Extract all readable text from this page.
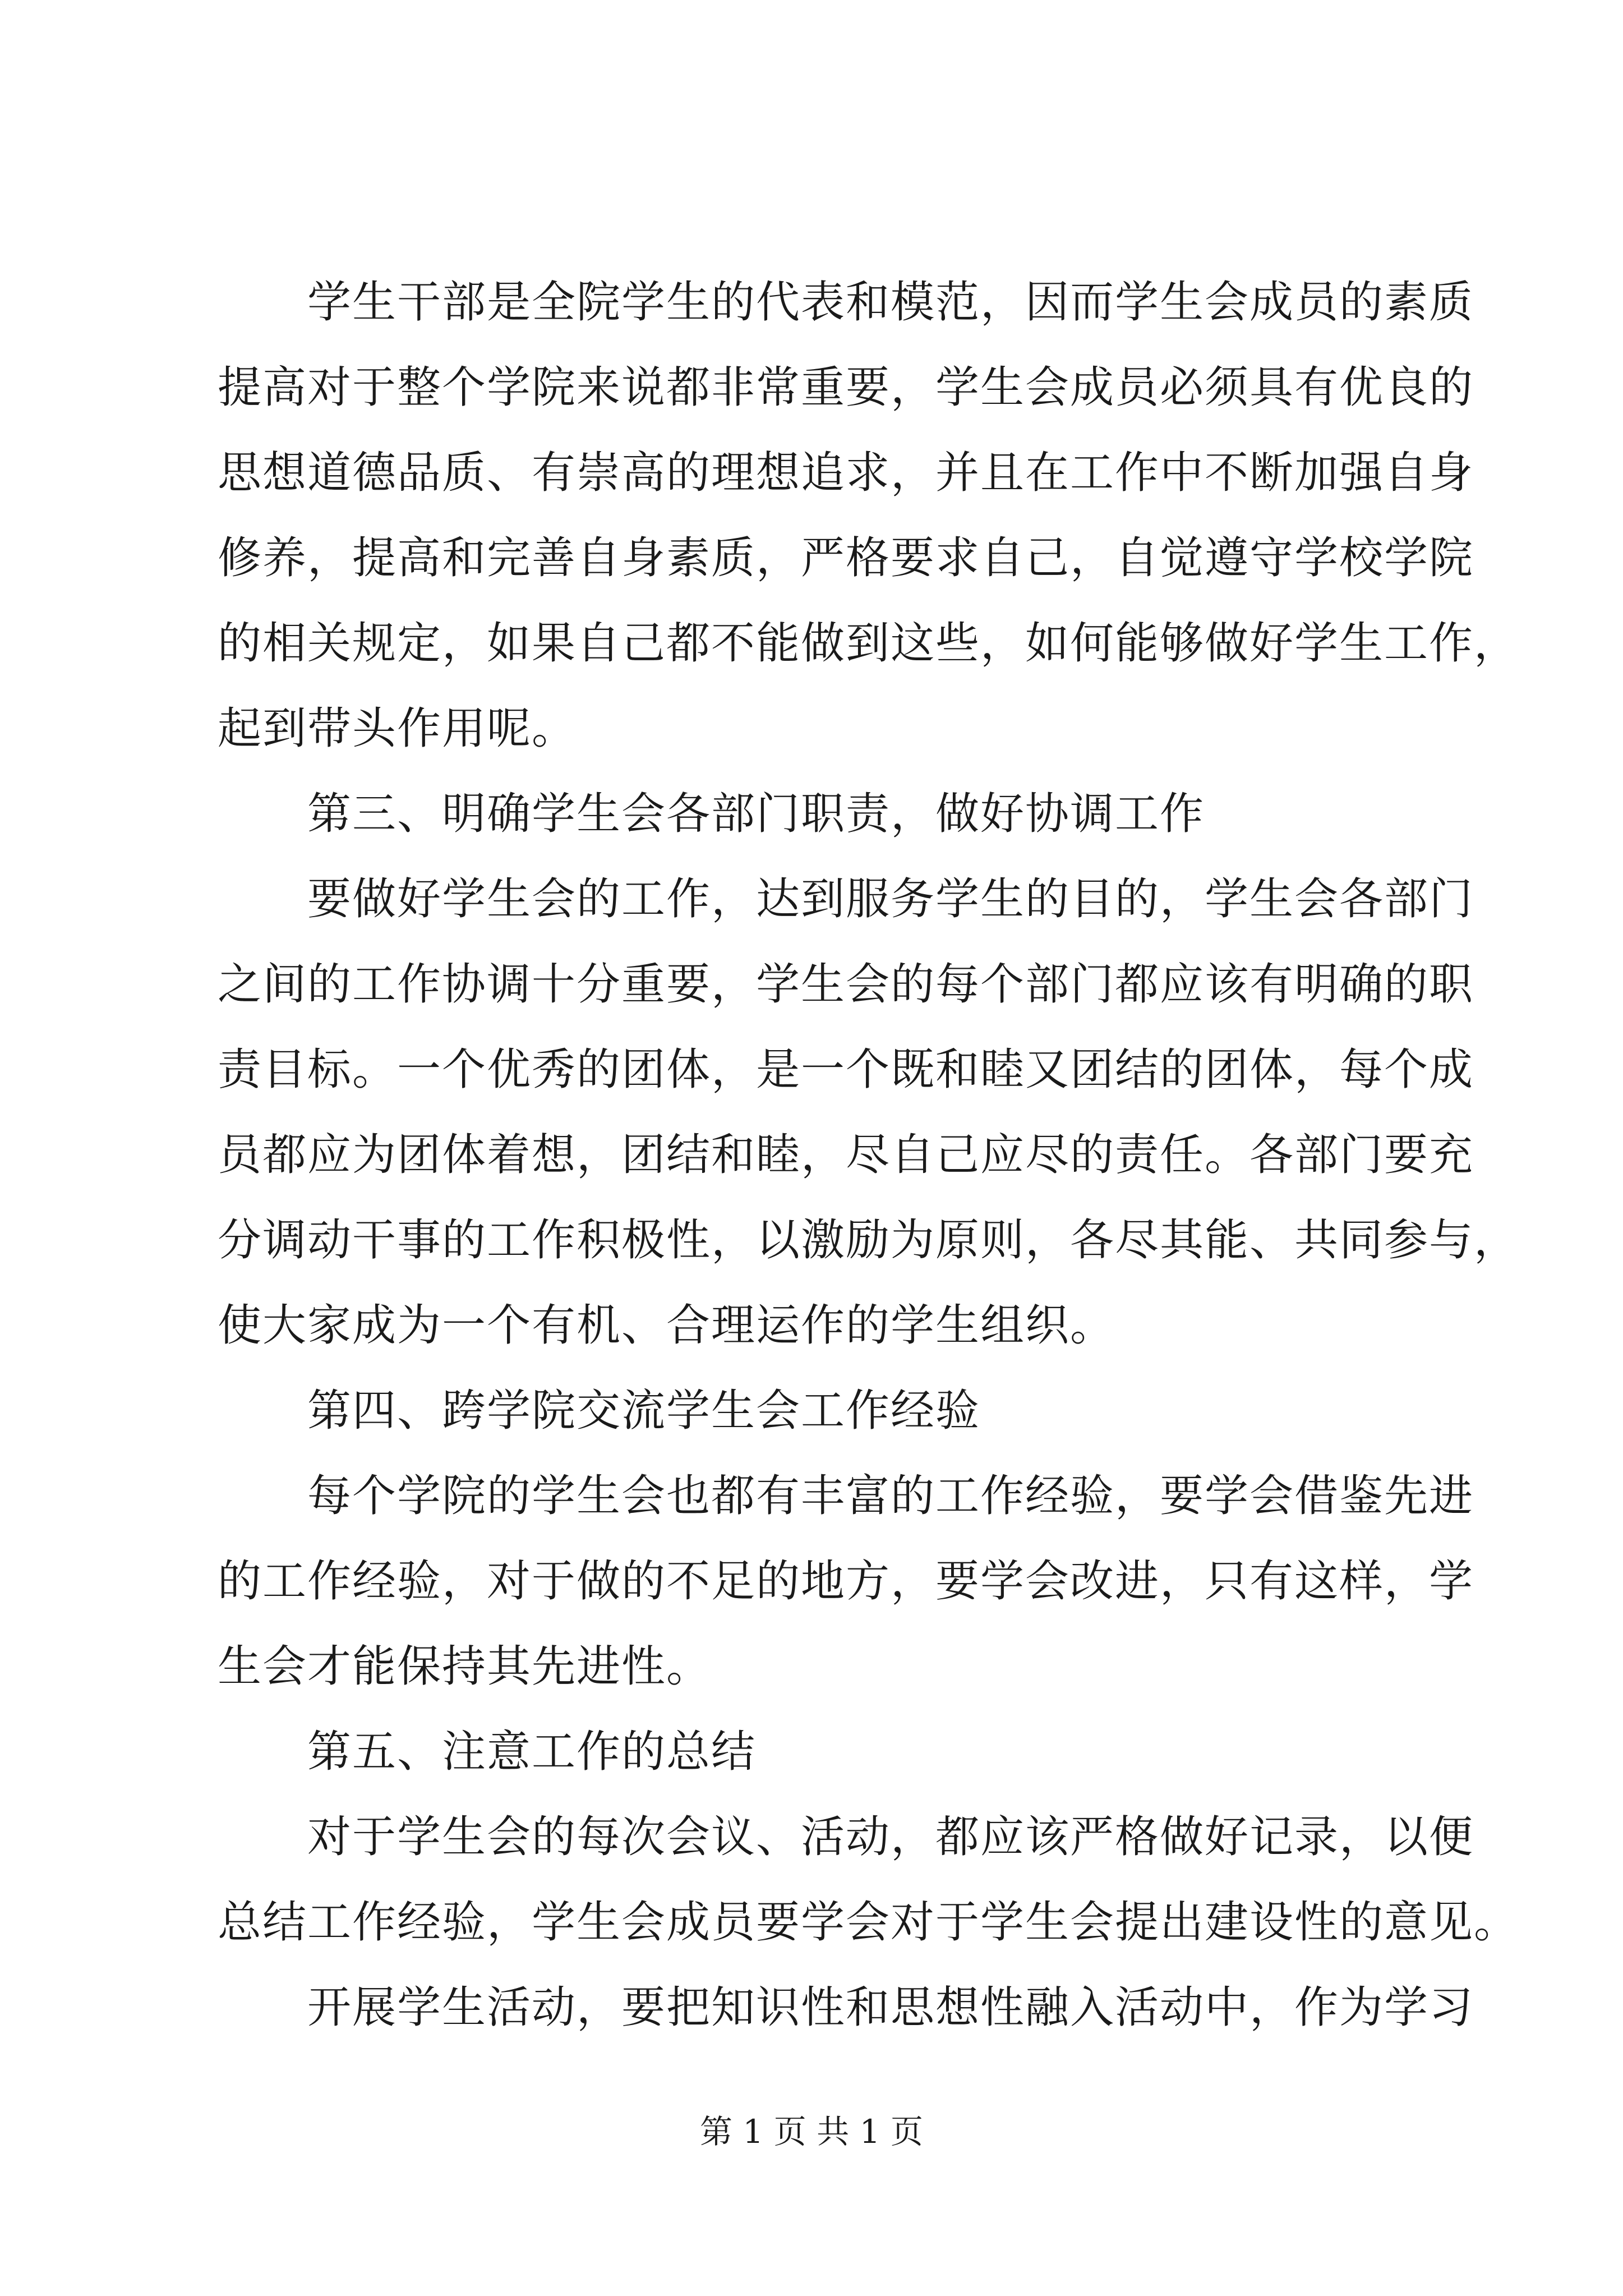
学生干部是全院学生的代表和模范，因而学生会成员的素质
提高对于整个学院来说都非常重要，学生会成员必须具有优良的
思想道德品质、有崇高的理想追求，并且在工作中不断加强自身
修养，提高和完善自身素质，严格要求自己，自觉遵守学校学院
的相关规定，如果自己都不能做到这些，如何能够做好学生工作，
起到带头作用呢。
第三、明确学生会各部门职责，做好协调工作
要做好学生会的工作，达到服务学生的目的，学生会各部门
之间的工作协调十分重要，学生会的每个部门都应该有明确的职
责目标。一个优秀的团体，是一个既和睦又团结的团体，每个成
员都应为团体着想，团结和睦，尽自己应尽的责任。各部门要充
分调动干事的工作积极性，以激励为原则，各尽其能、共同参与，
使大家成为一个有机、合理运作的学生组织。
第四、跨学院交流学生会工作经验
每个学院的学生会也都有丰富的工作经验，要学会借鉴先进
的工作经验，对于做的不足的地方，要学会改进，只有这样，学
生会才能保持其先进性。
第五、注意工作的总结
对于学生会的每次会议、活动，都应该严格做好记录，以便
总结工作经验，学生会成员要学会对于学生会提出建设性的意见。
开展学生活动，要把知识性和思想性融入活动中，作为学习
第 1 页 共 1 页
